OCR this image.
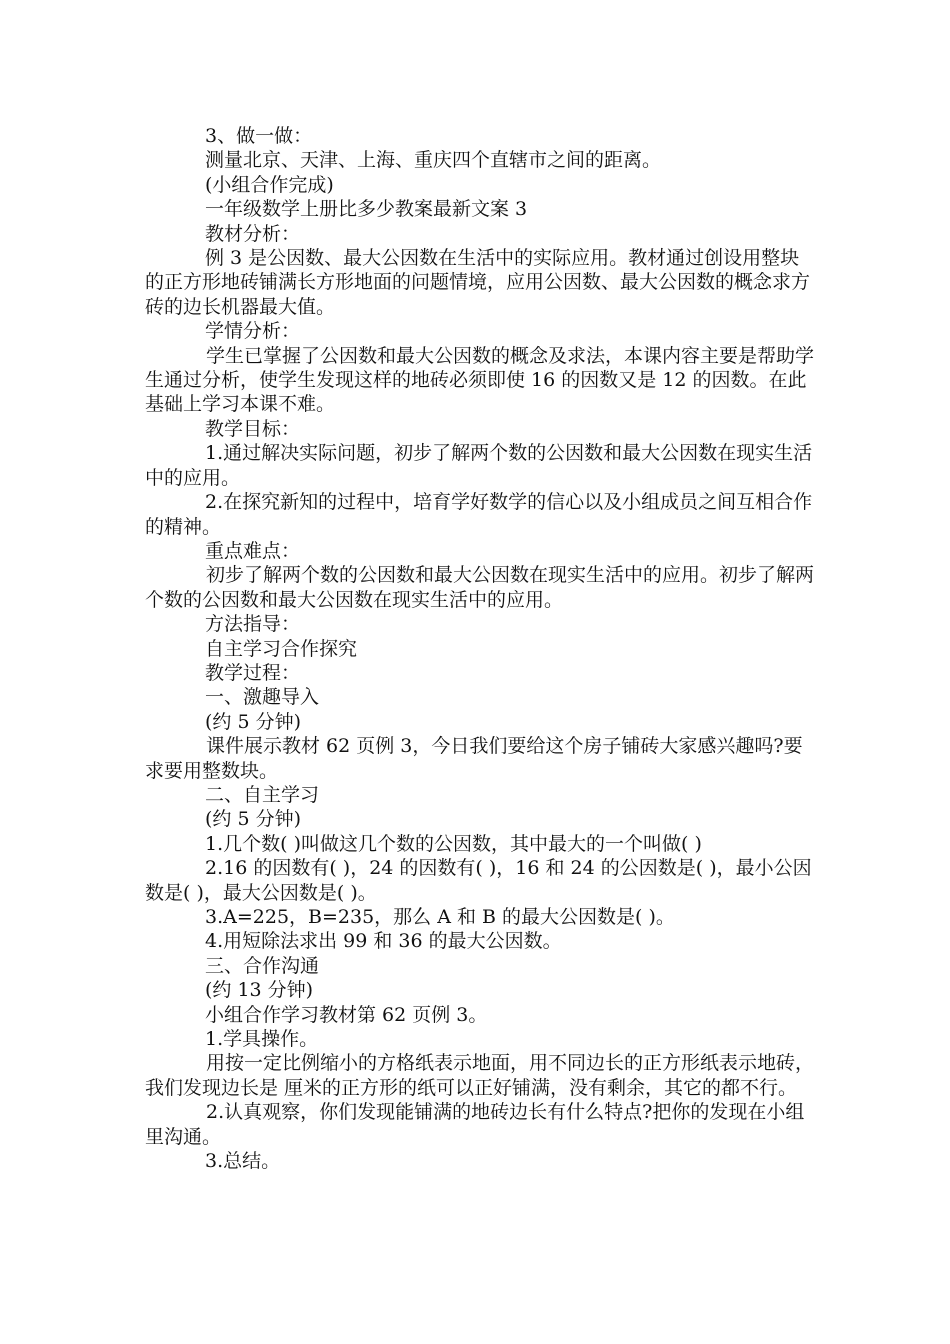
3、做一做：

测量北京、天津、上海、重庆四个直辖市之间的距离。

(小组合作完成)

一年级数学上册比多少教案最新文案 3

教材分析：

例 3 是公因数、最大公因数在生活中的实际应用。教材通过创设用整块的正方形地砖铺满长方形地面的问题情境，应用公因数、最大公因数的概念求方砖的边长机器最大值。

学情分析：

学生已掌握了公因数和最大公因数的概念及求法，本课内容主要是帮助学生通过分析，使学生发现这样的地砖必须即使 16 的因数又是 12 的因数。在此基础上学习本课不难。

教学目标：

1.通过解决实际问题，初步了解两个数的公因数和最大公因数在现实生活中的应用。

2.在探究新知的过程中，培育学好数学的信心以及小组成员之间互相合作的精神。

重点难点：

初步了解两个数的公因数和最大公因数在现实生活中的应用。初步了解两个数的公因数和最大公因数在现实生活中的应用。

方法指导：

自主学习合作探究

教学过程：

一、激趣导入

(约 5 分钟)

课件展示教材 62 页例 3，今日我们要给这个房子铺砖大家感兴趣吗?要求要用整数块。

二、自主学习

(约 5 分钟)

1.几个数( )叫做这几个数的公因数，其中最大的一个叫做( )

2.16 的因数有( )，24 的因数有( )，16 和 24 的公因数是( )，最小公因数是( )，最大公因数是( )。

3.A=225，B=235，那么 A 和 B 的最大公因数是( )。

4.用短除法求出 99 和 36 的最大公因数。

三、合作沟通

(约 13 分钟)

小组合作学习教材第 62 页例 3。

1.学具操作。

用按一定比例缩小的方格纸表示地面，用不同边长的正方形纸表示地砖，我们发现边长是 厘米的正方形的纸可以正好铺满，没有剩余，其它的都不行。

2.认真观察，你们发现能铺满的地砖边长有什么特点?把你的发现在小组里沟通。

3.总结。
